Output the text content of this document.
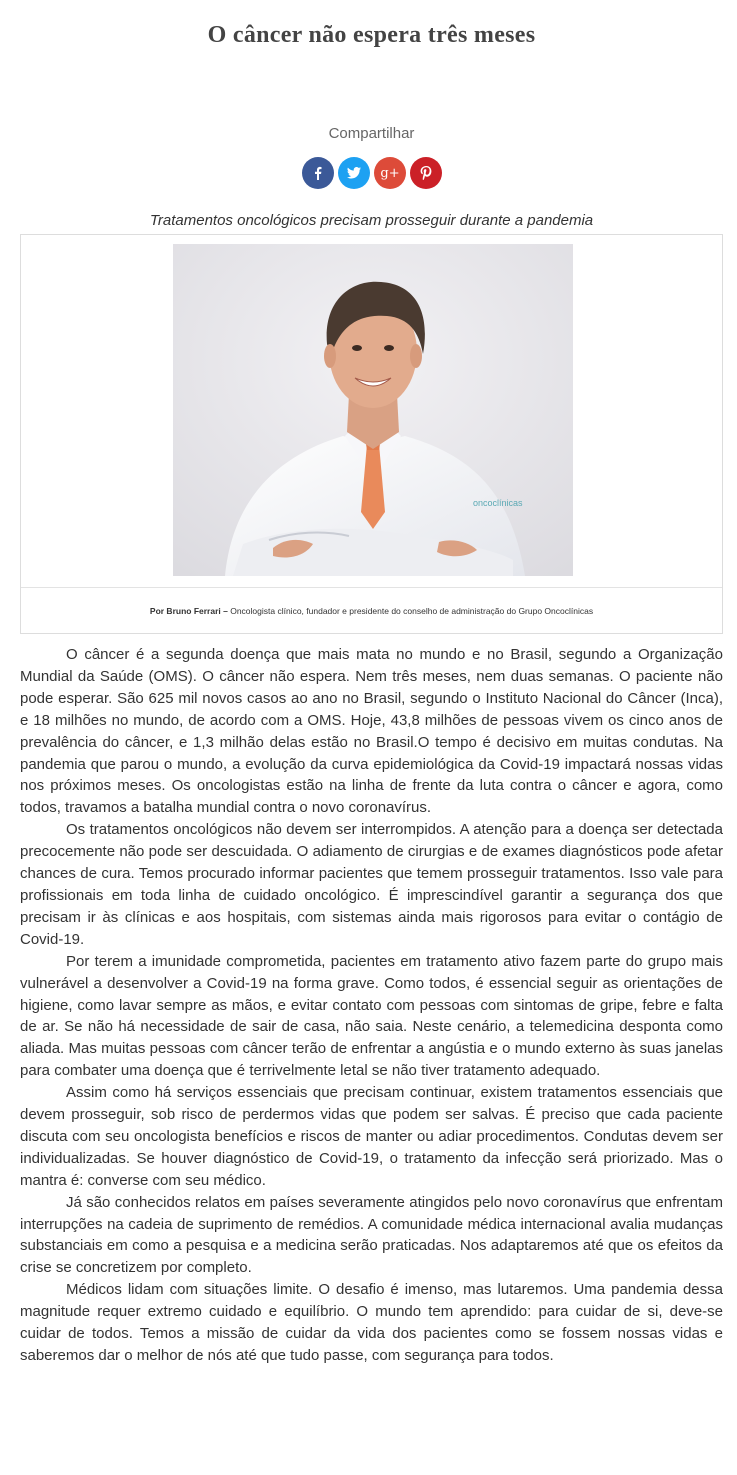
O câncer não espera três meses
Compartilhar
g+
Tratamentos oncológicos precisam prosseguir durante a pandemia
oncoclínicas
Por Bruno Ferrari – Oncologista clínico, fundador e presidente do conselho de administração do Grupo Oncoclínicas

O câncer é a segunda doença que mais mata no mundo e no Brasil, segundo a Organização Mundial da Saúde (OMS). O câncer não espera. Nem três meses, nem duas semanas. O paciente não pode esperar. São 625 mil novos casos ao ano no Brasil, segundo o Instituto Nacional do Câncer (Inca), e 18 milhões no mundo, de acordo com a OMS. Hoje, 43,8 milhões de pessoas vivem os cinco anos de prevalência do câncer, e 1,3 milhão delas estão no Brasil.O tempo é decisivo em muitas condutas. Na pandemia que parou o mundo, a evolução da curva epidemiológica da Covid-19 impactará nossas vidas nos próximos meses. Os oncologistas estão na linha de frente da luta contra o câncer e agora, como todos, travamos a batalha mundial contra o novo coronavírus.

Os tratamentos oncológicos não devem ser interrompidos. A atenção para a doença ser detectada precocemente não pode ser descuidada. O adiamento de cirurgias e de exames diagnósticos pode afetar chances de cura. Temos procurado informar pacientes que temem prosseguir tratamentos. Isso vale para profissionais em toda linha de cuidado oncológico. É imprescindível garantir a segurança dos que precisam ir às clínicas e aos hospitais, com sistemas ainda mais rigorosos para evitar o contágio de Covid-19.

Por terem a imunidade comprometida, pacientes em tratamento ativo fazem parte do grupo mais vulnerável a desenvolver a Covid-19 na forma grave. Como todos, é essencial seguir as orientações de higiene, como lavar sempre as mãos, e evitar contato com pessoas com sintomas de gripe, febre e falta de ar. Se não há necessidade de sair de casa, não saia. Neste cenário, a telemedicina desponta como aliada. Mas muitas pessoas com câncer terão de enfrentar a angústia e o mundo externo às suas janelas para combater uma doença que é terrivelmente letal se não tiver tratamento adequado.

Assim como há serviços essenciais que precisam continuar, existem tratamentos essenciais que devem prosseguir, sob risco de perdermos vidas que podem ser salvas. É preciso que cada paciente discuta com seu oncologista benefícios e riscos de manter ou adiar procedimentos. Condutas devem ser individualizadas. Se houver diagnóstico de Covid-19, o tratamento da infecção será priorizado. Mas o mantra é: converse com seu médico.

Já são conhecidos relatos em países severamente atingidos pelo novo coronavírus que enfrentam interrupções na cadeia de suprimento de remédios. A comunidade médica internacional avalia mudanças substanciais em como a pesquisa e a medicina serão praticadas. Nos adaptaremos até que os efeitos da crise se concretizem por completo.

Médicos lidam com situações limite. O desafio é imenso, mas lutaremos. Uma pandemia dessa magnitude requer extremo cuidado e equilíbrio. O mundo tem aprendido: para cuidar de si, deve-se cuidar de todos. Temos a missão de cuidar da vida dos pacientes como se fossem nossas vidas e saberemos dar o melhor de nós até que tudo passe, com segurança para todos.
